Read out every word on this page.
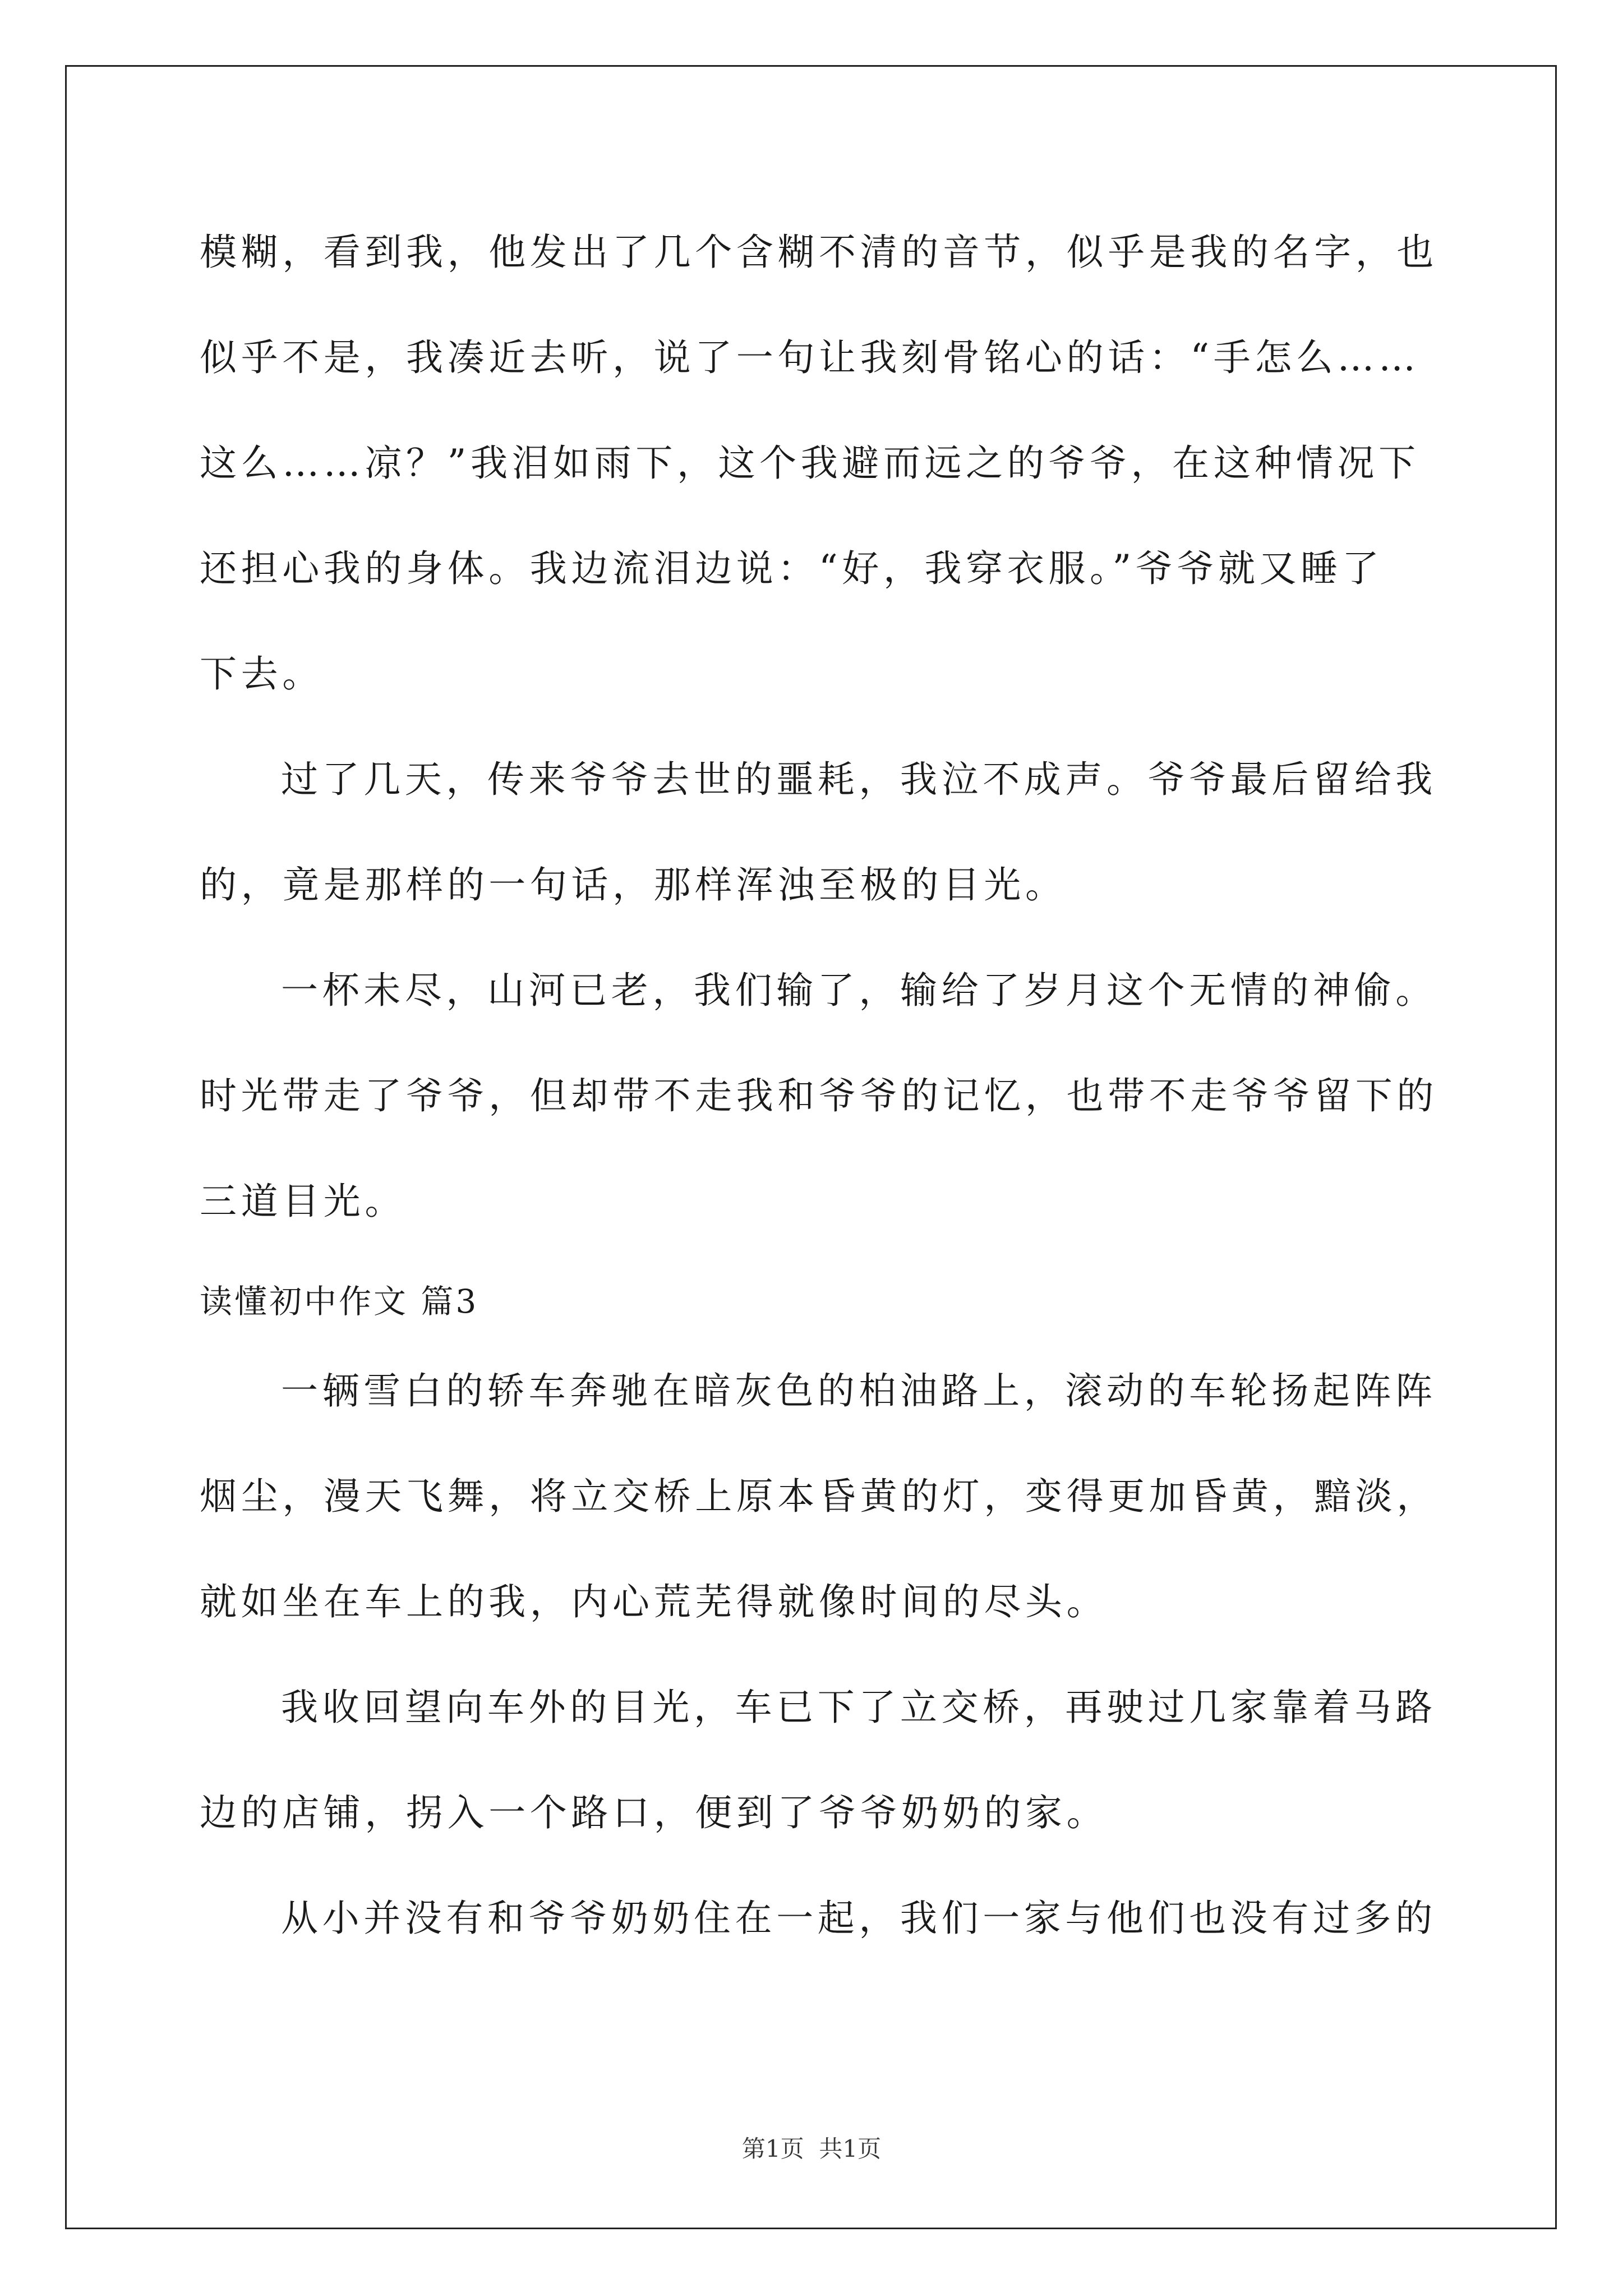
模糊，看到我，他发出了几个含糊不清的音节，似乎是我的名字，也
似乎不是，我凑近去听，说了一句让我刻骨铭心的话：“手怎么……
这么……凉？”我泪如雨下，这个我避而远之的爷爷，在这种情况下
还担心我的身体。我边流泪边说：“好，我穿衣服。”爷爷就又睡了
下去。
过了几天，传来爷爷去世的噩耗，我泣不成声。爷爷最后留给我
的，竟是那样的一句话，那样浑浊至极的目光。
一杯未尽，山河已老，我们输了，输给了岁月这个无情的神偷。
时光带走了爷爷，但却带不走我和爷爷的记忆，也带不走爷爷留下的
三道目光。
读懂初中作文 篇3
一辆雪白的轿车奔驰在暗灰色的柏油路上，滚动的车轮扬起阵阵
烟尘，漫天飞舞，将立交桥上原本昏黄的灯，变得更加昏黄，黯淡，
就如坐在车上的我，内心荒芜得就像时间的尽头。
我收回望向车外的目光，车已下了立交桥，再驶过几家靠着马路
边的店铺，拐入一个路口，便到了爷爷奶奶的家。
从小并没有和爷爷奶奶住在一起，我们一家与他们也没有过多的
第1页  共1页
